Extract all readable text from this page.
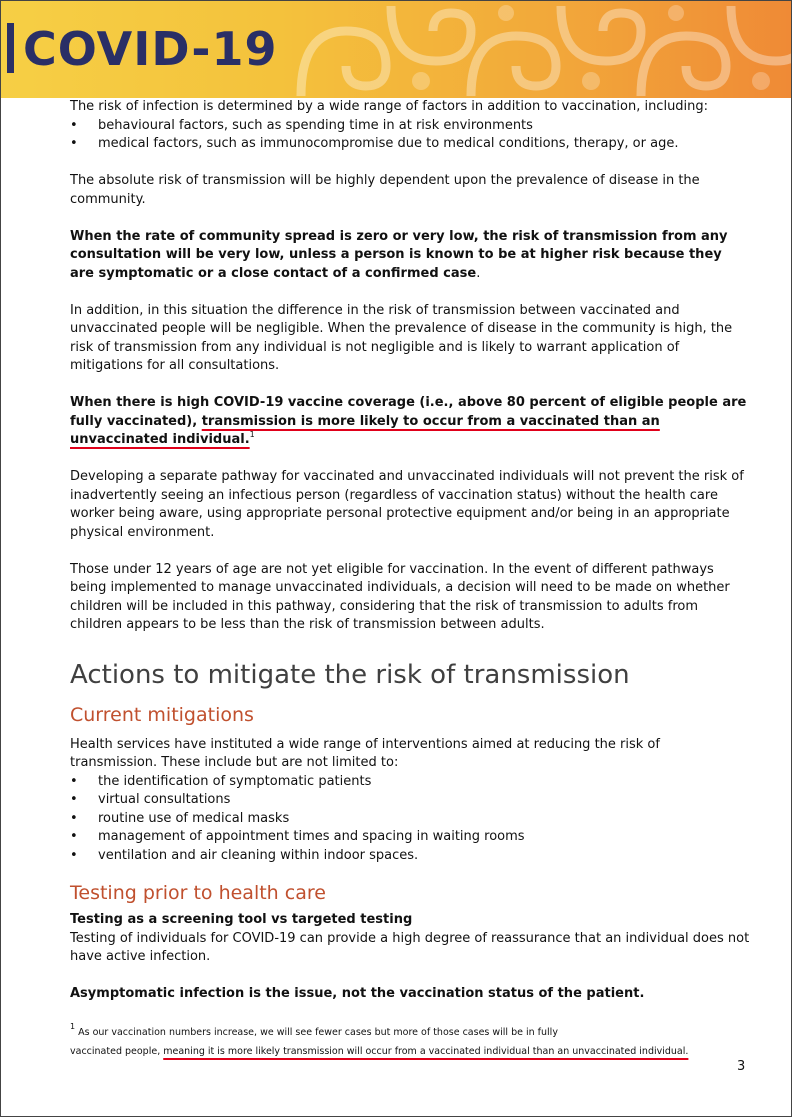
COVID-19

The risk of infection is determined by a wide range of factors in addition to vaccination, including:

• behavioural factors, such as spending time in at risk environments
• medical factors, such as immunocompromise due to medical conditions, therapy, or age.

The absolute risk of transmission will be highly dependent upon the prevalence of disease in the community.

When the rate of community spread is zero or very low, the risk of transmission from any consultation will be very low, unless a person is known to be at higher risk because they are symptomatic or a close contact of a confirmed case.

In addition, in this situation the difference in the risk of transmission between vaccinated and unvaccinated people will be negligible. When the prevalence of disease in the community is high, the risk of transmission from any individual is not negligible and is likely to warrant application of mitigations for all consultations.

When there is high COVID-19 vaccine coverage (i.e., above 80 percent of eligible people are fully vaccinated), transmission is more likely to occur from a vaccinated than an unvaccinated individual.$^1$

Developing a separate pathway for vaccinated and unvaccinated individuals will not prevent the risk of inadvertently seeing an infectious person (regardless of vaccination status) without the health care worker being aware, using appropriate personal protective equipment and/or being in an appropriate physical environment.

Those under 12 years of age are not yet eligible for vaccination. In the event of different pathways being implemented to manage unvaccinated individuals, a decision will need to be made on whether children will be included in this pathway, considering that the risk of transmission to adults from children appears to be less than the risk of transmission between adults.

Actions to mitigate the risk of transmission
Current mitigations

Health services have instituted a wide range of interventions aimed at reducing the risk of transmission. These include but are not limited to:

• the identification of symptomatic patients
• virtual consultations
• routine use of medical masks
• management of appointment times and spacing in waiting rooms
• ventilation and air cleaning within indoor spaces.
Testing prior to health care

Testing as a screening tool vs targeted testing

Testing of individuals for COVID-19 can provide a high degree of reassurance that an individual does not have active infection.

Asymptomatic infection is the issue, not the vaccination status of the patient.

$^1$ As our vaccination numbers increase, we will see fewer cases but more of those cases will be in fully
vaccinated people, meaning it is more likely transmission will occur from a vaccinated individual than an unvaccinated individual.
3
